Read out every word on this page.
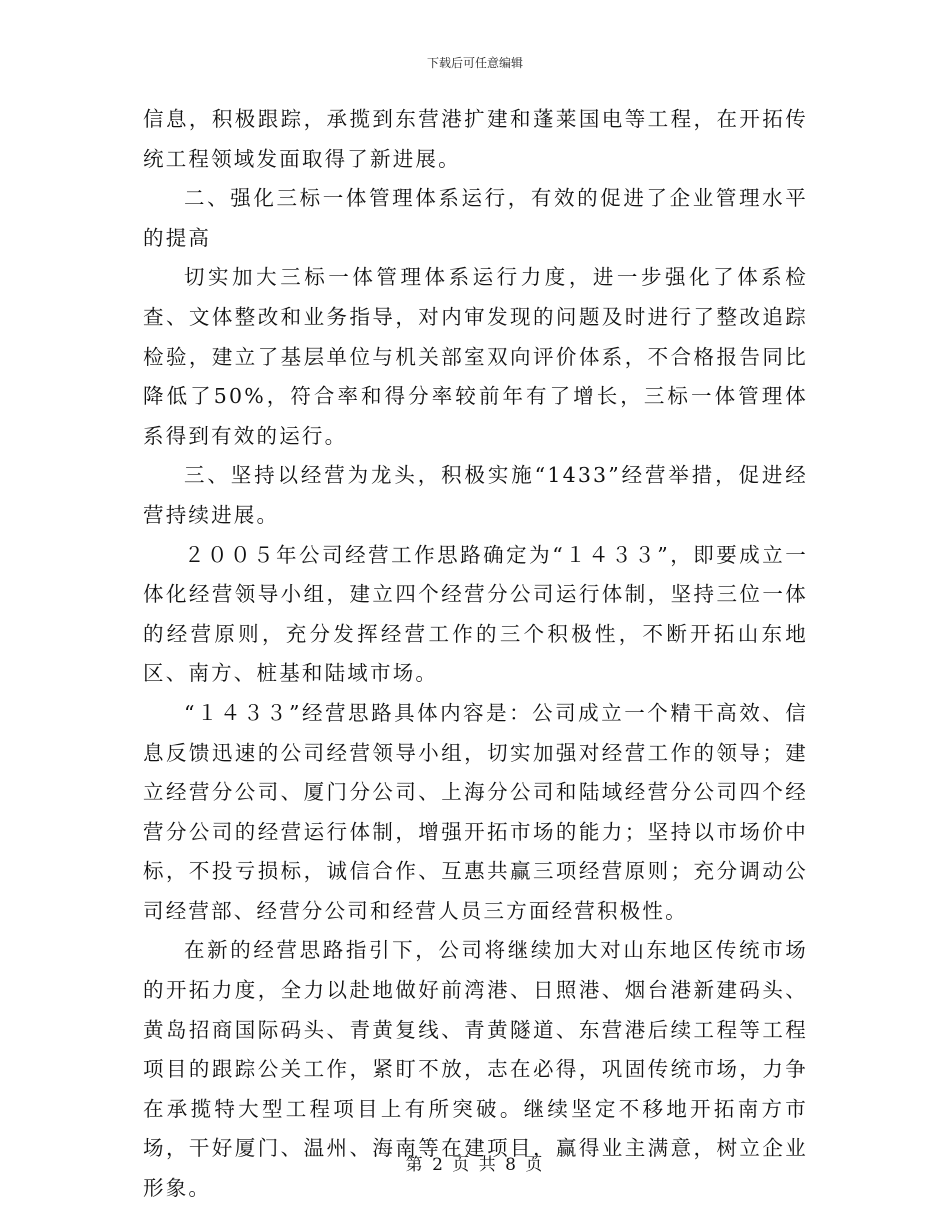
下载后可任意编辑

信息，积极跟踪，承揽到东营港扩建和蓬莱国电等工程，在开拓传统工程领域发面取得了新进展。

二、强化三标一体管理体系运行，有效的促进了企业管理水平的提高

切实加大三标一体管理体系运行力度，进一步强化了体系检查、文体整改和业务指导，对内审发现的问题及时进行了整改追踪检验，建立了基层单位与机关部室双向评价体系，不合格报告同比降低了50%，符合率和得分率较前年有了增长，三标一体管理体系得到有效的运行。

三、坚持以经营为龙头，积极实施“1433”经营举措，促进经营持续进展。

２００５年公司经营工作思路确定为“１４３３”，即要成立一体化经营领导小组，建立四个经营分公司运行体制，坚持三位一体的经营原则，充分发挥经营工作的三个积极性，不断开拓山东地区、南方、桩基和陆域市场。

“１４３３”经营思路具体内容是：公司成立一个精干高效、信息反馈迅速的公司经营领导小组，切实加强对经营工作的领导；建立经营分公司、厦门分公司、上海分公司和陆域经营分公司四个经营分公司的经营运行体制，增强开拓市场的能力；坚持以市场价中标，不投亏损标，诚信合作、互惠共赢三项经营原则；充分调动公司经营部、经营分公司和经营人员三方面经营积极性。

在新的经营思路指引下，公司将继续加大对山东地区传统市场的开拓力度，全力以赴地做好前湾港、日照港、烟台港新建码头、黄岛招商国际码头、青黄复线、青黄隧道、东营港后续工程等工程项目的跟踪公关工作，紧盯不放，志在必得，巩固传统市场，力争在承揽特大型工程项目上有所突破。继续坚定不移地开拓南方市场，干好厦门、温州、海南等在建项目，赢得业主满意，树立企业形象。

第 2 页 共 8 页
